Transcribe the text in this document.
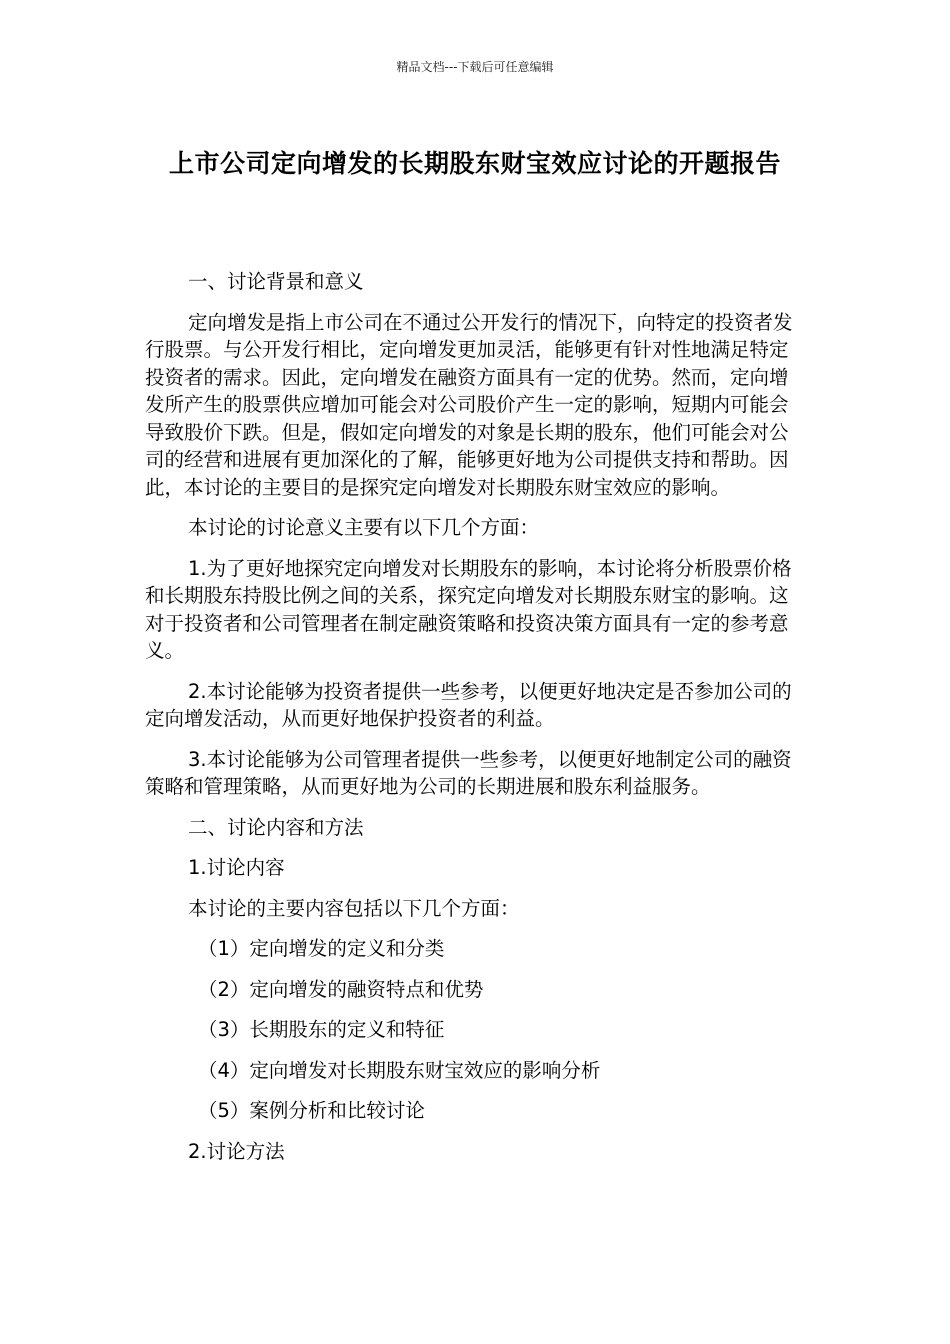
精品文档---下载后可任意编辑
上市公司定向增发的长期股东财宝效应讨论的开题报告

一、讨论背景和意义

定向增发是指上市公司在不通过公开发行的情况下，向特定的投资者发行股票。与公开发行相比，定向增发更加灵活，能够更有针对性地满足特定投资者的需求。因此，定向增发在融资方面具有一定的优势。然而，定向增发所产生的股票供应增加可能会对公司股价产生一定的影响，短期内可能会导致股价下跌。但是，假如定向增发的对象是长期的股东，他们可能会对公司的经营和进展有更加深化的了解，能够更好地为公司提供支持和帮助。因此，本讨论的主要目的是探究定向增发对长期股东财宝效应的影响。

本讨论的讨论意义主要有以下几个方面：

1.为了更好地探究定向增发对长期股东的影响，本讨论将分析股票价格和长期股东持股比例之间的关系，探究定向增发对长期股东财宝的影响。这对于投资者和公司管理者在制定融资策略和投资决策方面具有一定的参考意义。

2.本讨论能够为投资者提供一些参考，以便更好地决定是否参加公司的定向增发活动，从而更好地保护投资者的利益。

3.本讨论能够为公司管理者提供一些参考，以便更好地制定公司的融资策略和管理策略，从而更好地为公司的长期进展和股东利益服务。

二、讨论内容和方法

1.讨论内容

本讨论的主要内容包括以下几个方面：

（1）定向增发的定义和分类

（2）定向增发的融资特点和优势

（3）长期股东的定义和特征

（4）定向增发对长期股东财宝效应的影响分析

（5）案例分析和比较讨论

2.讨论方法
